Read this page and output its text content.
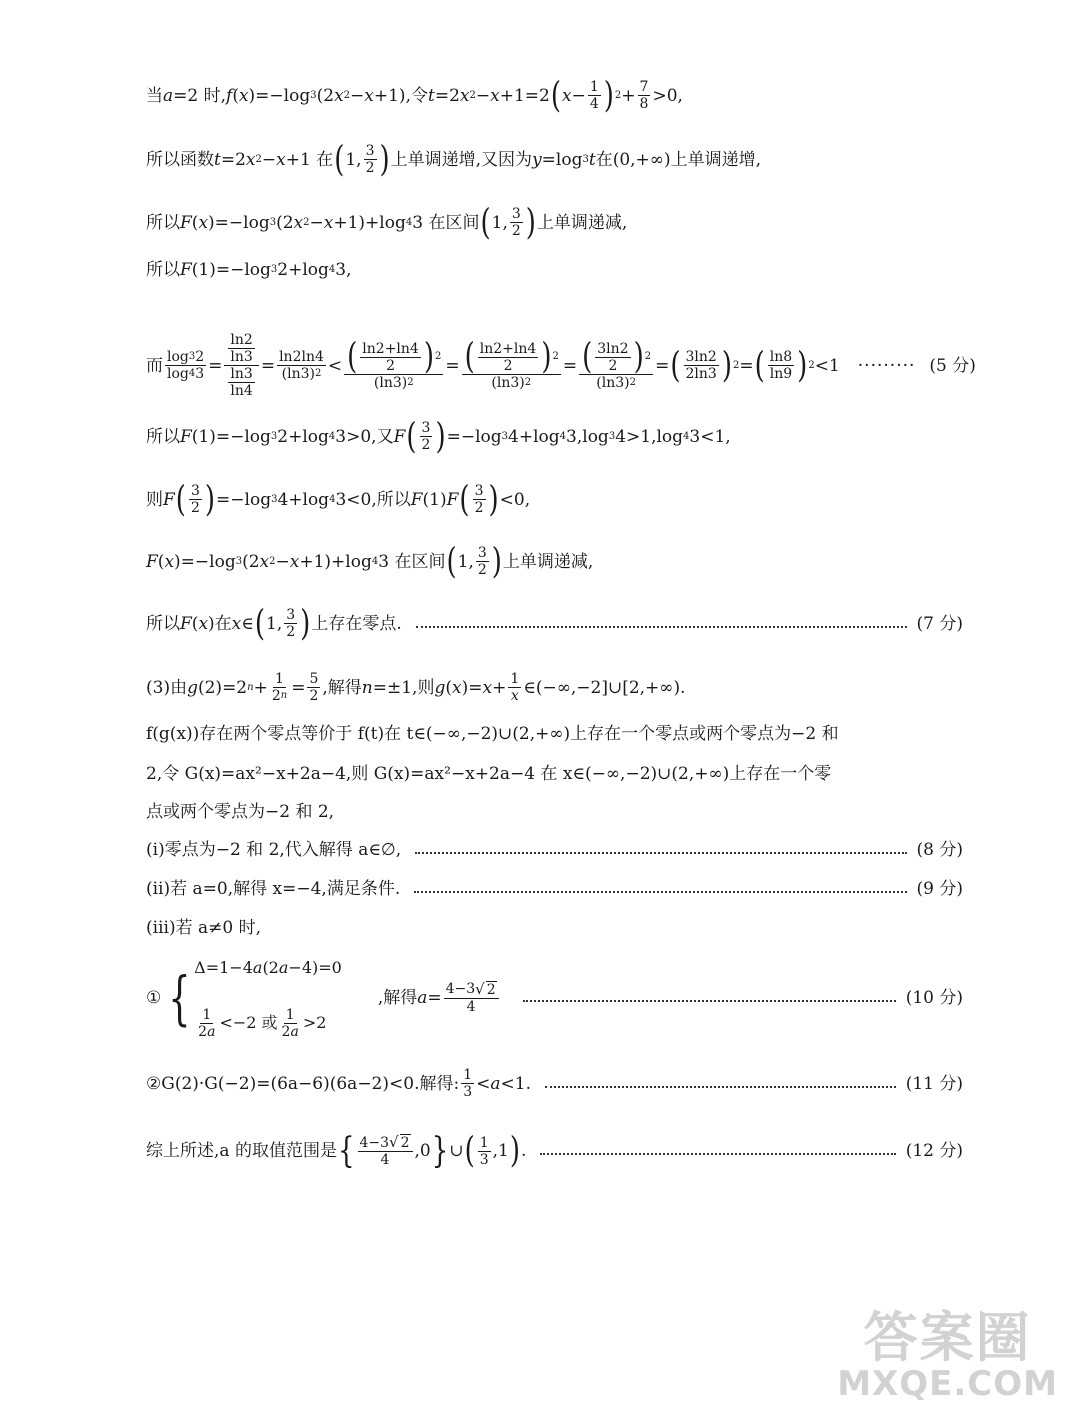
当 a =2 时, f ( x )=−log 3 (2 x 2 − x +1),令 t =2 x 2 − x +1=2 ( x − 1
4 ) 2 + 7
8 >0,
所以函数 t =2 x 2 − x +1 在 ( 1, 3
2 ) 上单调递增,又因为 y =log 3 t 在(0,+∞)上单调递增,
所以 F ( x )=−log 3 (2 x 2 − x +1)+log 4 3 在区间 ( 1, 3
2 ) 上单调递减,
所以 F (1)=−log 3 2+log 4 3,
而 log 3 2
log 4 3 =
ln2
ln3
ln3
ln4
= ln2ln4
(ln3) 2 < ( ln2+ln4
2 ) 2
(ln3) 2
= ( ln2+ln4
2 ) 2
(ln3) 2
= ( 3ln2
2 ) 2
(ln3) 2
= ( 3ln2
2ln3 ) 2 = ( ln8
ln9 ) 2 <1 ········· (5 分)
所以 F (1)=−log 3 2+log 4 3>0,又 F ( 3
2 ) =−log 3 4+log 4 3,log 3 4>1,log 4 3<1,
则 F ( 3
2 ) =−log 3 4+log 4 3<0,所以 F (1) F ( 3
2 ) <0,
F ( x )=−log 3 (2 x 2 − x +1)+log 4 3 在区间 ( 1, 3
2 ) 上单调递减,
所以 F ( x )在 x ∈ ( 1, 3
2 ) 上存在零点.	(7 分)
(3)由 g (2)=2 n + 1
2 n = 5
2 ,解得 n =±1,则 g ( x )= x + 1
x ∈(−∞,−2]∪[2,+∞).
f(g(x))存在两个零点等价于 f(t)在 t∈(−∞,−2)∪(2,+∞)上存在一个零点或两个零点为−2 和
2,令 G(x)=ax²−x+2a−4,则 G(x)=ax²−x+2a−4 在 x∈(−∞,−2)∪(2,+∞)上存在一个零
点或两个零点为−2 和 2,
(ⅰ)零点为−2 和 2,代入解得 a∈∅,	(8 分)
(ⅱ)若 a=0,解得 x=−4,满足条件.	(9 分)
(ⅲ)若 a≠0 时,
① { Δ=1−4a(2a−4)=0
1
2 a <−2 或 1
2 a >2
,解得 a = 4−3 √ 2
4	(10 分)
②G(2)·G(−2)=(6a−6)(6a−2)<0.解得: 1
3 < a <1.	(11 分)
综上所述,a 的取值范围是 { 4−3 √ 2
4 ,0 } ∪ ( 1
3 ,1 ) .	(12 分)
答案圈
MXQE.COM
